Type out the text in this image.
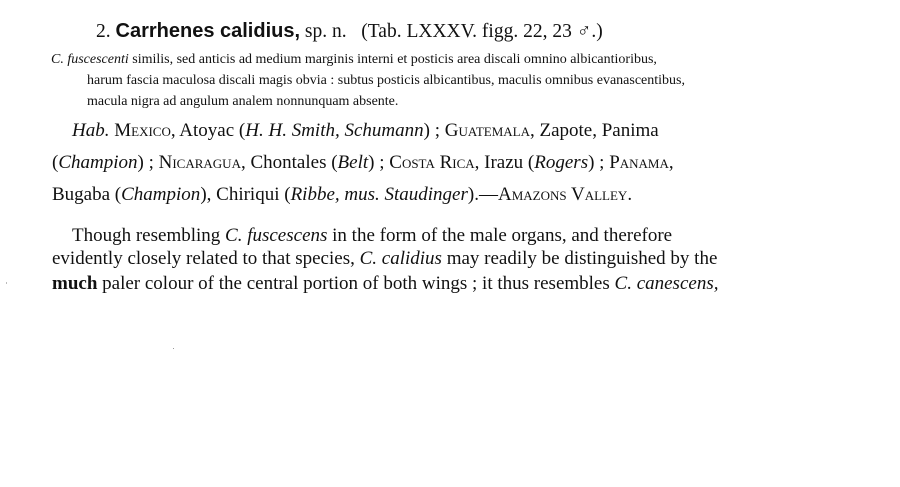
2. Carrhenes calidius, sp. n. (Tab. LXXXV. figg. 22, 23 ♂.)
C. fuscescenti similis, sed anticis ad medium marginis interni et posticis area discali omnino albicantioribus,
harum fascia maculosa discali magis obvia : subtus posticis albicantibus, maculis omnibus evanascentibus,
macula nigra ad angulum analem nonnunquam absente.
Hab. Mexico, Atoyac (H. H. Smith, Schumann) ; Guatemala, Zapote, Panima
(Champion) ; Nicaragua, Chontales (Belt) ; Costa Rica, Irazu (Rogers) ; Panama,
Bugaba (Champion), Chiriqui (Ribbe, mus. Staudinger).—Amazons Valley.
Though resembling C. fuscescens in the form of the male organs, and therefore
evidently closely related to that species, C. calidius may readily be distinguished by the
much paler colour of the central portion of both wings ; it thus resembles C. canescens,
